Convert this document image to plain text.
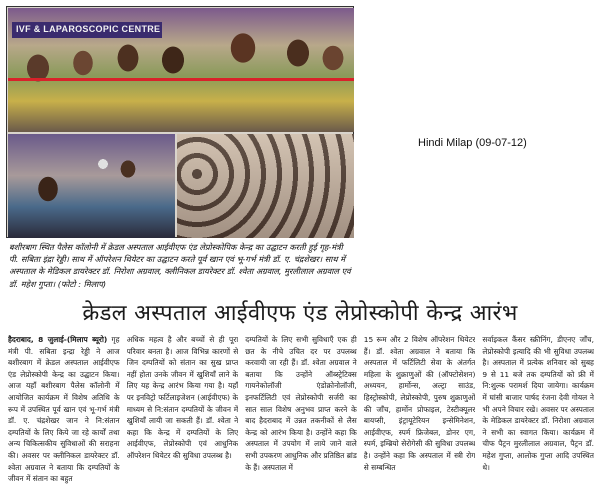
IVF & LAPAROSCOPIC CENTRE
बशीरबाग स्थित पैलेस कॉलोनी में क्रेडल अस्पताल आईवीएफ एंड लेप्रोस्कोपिक केन्द्र का उद्घाटन करती हुई गृह-मंत्री पी. सबिता इंद्रा रेड्डी। साथ में ऑपरेशन थियेटर का उद्घाटन करते पूर्व खान एवं भू-गर्भ मंत्री डॉ. ए. चंद्रशेखर। साथ में अस्पताल के मेडिकल डायरेक्टर डॉ. निरोशा अग्रवाल, क्लीनिकल डायरेक्टर डॉ. श्वेता अग्रवाल, मुरलीलाल अग्रवाल एवं डॉ. महेश गुप्ता। (फोटो : मिलाप)
Hindi Milap (09-07-12)
क्रेडल अस्पताल आईवीएफ एंड लेप्रोस्कोपी केन्द्र आरंभ
हैदराबाद, 8 जुलाई-(मिलाप ब्यूरो) गृह मंत्री पी. सबिता इन्द्रा रेड्डी ने आज बशीरबाग में क्रेडल अस्पताल आईवीएफ एंड लेप्रोस्कोपी केन्द्र का उद्घाटन किया। आज यहाँ बशीरबाग पैलेस कॉलोनी में आयोजित कार्यक्रम में विशेष अतिथि के रूप में उपस्थित पूर्व खान एवं भू-गर्भ मंत्री डॉ. ए. चंद्रशेखर जान ने नि:संतान दम्पतियों के लिए किये जा रहे कार्यों तथा अन्य चिकित्सकीय सुविधाओं की सराहना की। अवसर पर क्लीनिकल डायरेक्टर डॉ. श्वेता अग्रवाल ने बताया कि दम्पतियों के जीवन में संतान का बहुत
अधिक महत्व है और बच्चों से ही पूरा परिवार बनता है। आज विभिन्न कारणों से जिन दम्पतियों को संतान का सुख प्राप्त नहीं होता उनके जीवन में खुशियाँ लाने के लिए यह केन्द्र आरंभ किया गया है। यहाँ पर इनविट्रो फर्टिलाइजेशन (आईवीएफ) के माध्यम से नि:संतान दम्पतियों के जीवन में खुशियाँ लायी जा सकती हैं। डॉ. श्वेता ने कहा कि केन्द्र में दम्पतियों के लिए आईवीएफ, लेप्रोस्कोपी एवं आधुनिक ऑपरेशन थियेटर की सुविधा उपलब्ध है।
दम्पतियों के लिए सभी सुविधाएँ एक ही छत के नीचे उचित दर पर उपलब्ध करवायी जा रही हैं। डॉ. श्वेता अग्रवाल ने बताया कि उन्होंने ऑब्स्ट्रेटिक्स गायनेकोलॉजी एंडोक्रोनोलॉजी, इनफर्टिलिटी एवं लेप्रोस्कोपी सर्जरी का सात साल विशेष अनुभव प्राप्त करने के बाद हैदराबाद में उन्नत तकनीकों से लैस केन्द्र को आरंभ किया है। उन्होंने कहा कि अस्पताल में उपयोग में लाये जाने वाले सभी उपकरण आधुनिक और प्रतिष्ठित ब्रांड के हैं। अस्पताल में
15 रूम और 2 विशेष ऑपरेशन थियेटर हैं। डॉ. श्वेता अग्रवाल ने बताया कि अस्पताल में फर्टिलिटी सेवा के अंतर्गत महिला के शुक्राणुओं की (ऑफ्टोसेशन) अध्ययन, हार्मोन्स, अल्ट्रा साउंड, हिस्ट्रोस्कोपी, लेप्रोस्कोपी, पुरुष शुक्राणुओं की जाँच, हार्मोन प्रोफाइल, टेस्टीक्यूलर बायप्सी, इंट्रायूटेरियन इन्सेमिनेशन, आईवीएफ, स्पर्म फ्रिजेबल, डोनर एग, स्पर्म, इम्ब्रियो सेरोगेसी की सुविधा उपलब्ध है। उन्होंने कहा कि अस्पताल में स्त्री रोग से सम्बन्धित
सर्वाइकल कैंसर स्क्रीनिंग, डीएनए जाँच, लेप्रोस्कोपी इत्यादि की भी सुविधा उपलब्ध है। अस्पताल में प्रत्येक शनिवार को सुबह 9 से 11 बजे तक दम्पतियों को फ्री में नि:शुल्क परामर्श दिया जायेगा। कार्यक्रम में घांसी बाजार पार्षद रंजना देवी गोयल ने भी अपने विचार रखे। अवसर पर अस्पताल के मेडिकल डायरेक्टर डॉ. निरोशा अग्रवाल ने सभी का स्वागत किया। कार्यक्रम में चीफ पैट्रन मुरलीलाल अग्रवाल, पैट्रन डॉ. महेश गुप्ता, आलोक गुप्ता आदि उपस्थित थे।
